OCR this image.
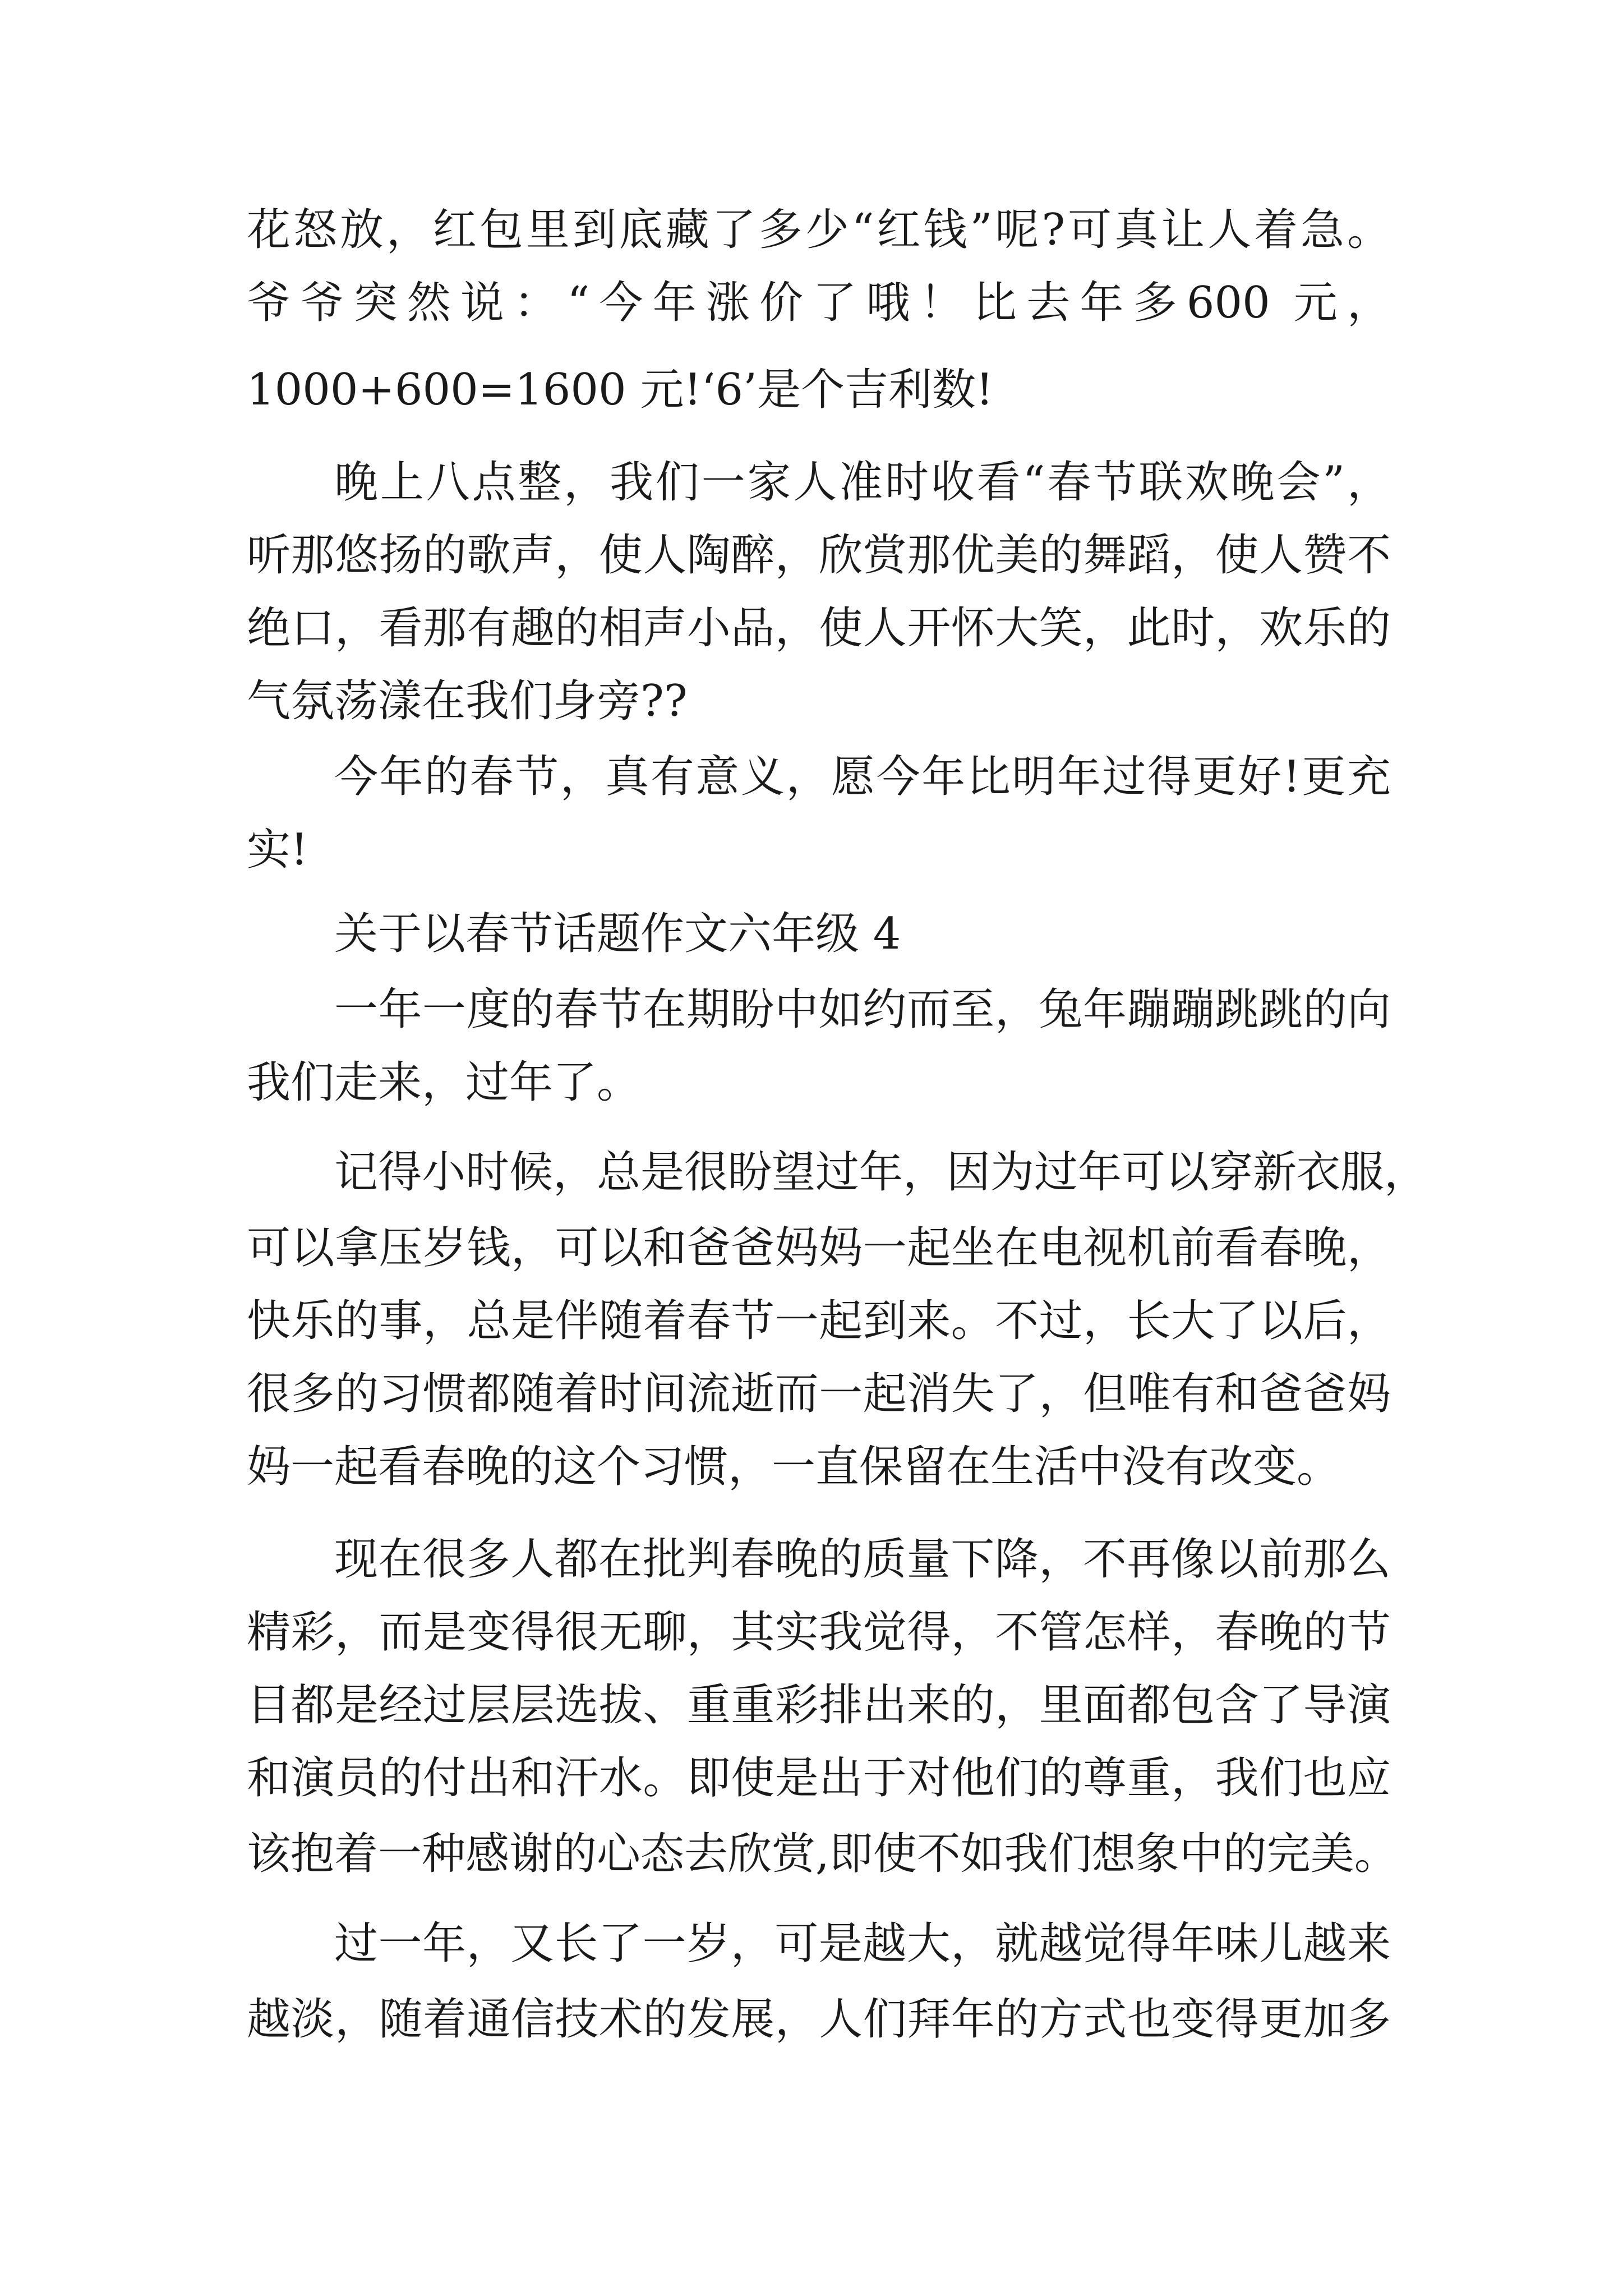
花怒放，红包里到底藏了多少“红钱”呢?可真让人着急。
爷爷突然说：“今年涨价了哦！比去年多600 元，
1000+600=1600 元!‘6’是个吉利数!
晚上八点整，我们一家人准时收看“春节联欢晚会”，
听那悠扬的歌声，使人陶醉，欣赏那优美的舞蹈，使人赞不
绝口，看那有趣的相声小品，使人开怀大笑，此时，欢乐的
气氛荡漾在我们身旁??
今年的春节，真有意义，愿今年比明年过得更好!更充
实!
关于以春节话题作文六年级 4
一年一度的春节在期盼中如约而至，兔年蹦蹦跳跳的向
我们走来，过年了。
记得小时候，总是很盼望过年，因为过年可以穿新衣服，
可以拿压岁钱，可以和爸爸妈妈一起坐在电视机前看春晚，
快乐的事，总是伴随着春节一起到来。不过，长大了以后，
很多的习惯都随着时间流逝而一起消失了，但唯有和爸爸妈
妈一起看春晚的这个习惯，一直保留在生活中没有改变。
现在很多人都在批判春晚的质量下降，不再像以前那么
精彩，而是变得很无聊，其实我觉得，不管怎样，春晚的节
目都是经过层层选拔、重重彩排出来的，里面都包含了导演
和演员的付出和汗水。即使是出于对他们的尊重，我们也应
该抱着一种感谢的心态去欣赏,即使不如我们想象中的完美。
过一年，又长了一岁，可是越大，就越觉得年味儿越来
越淡，随着通信技术的发展，人们拜年的方式也变得更加多
